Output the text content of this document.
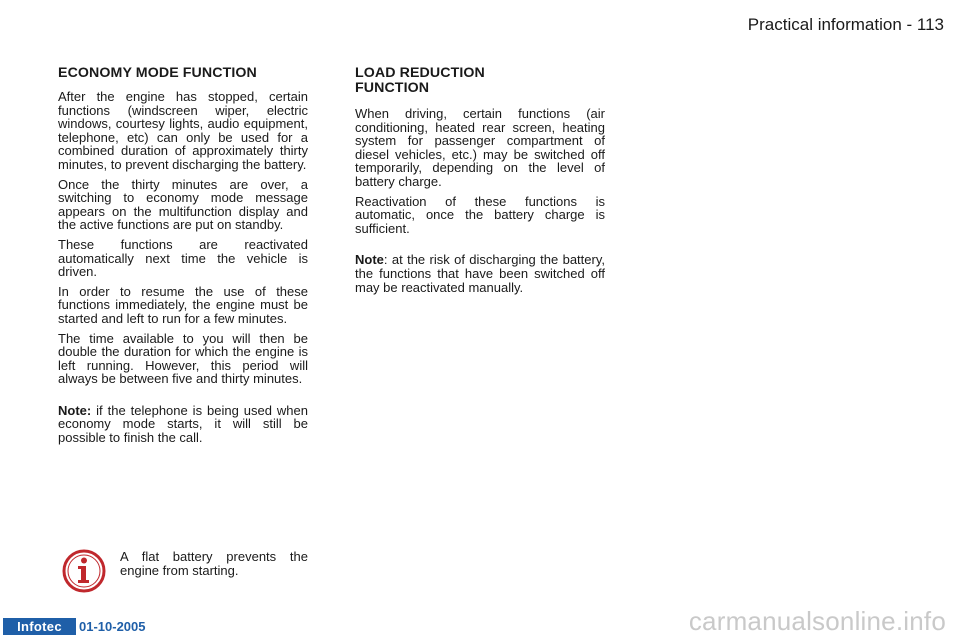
Practical information - 113
ECONOMY MODE FUNCTION

After the engine has stopped, certain functions (windscreen wiper, electric windows, courtesy lights, audio equipment, telephone, etc) can only be used for a combined duration of approximately thirty minutes, to prevent discharging the battery.

Once the thirty minutes are over, a switching to economy mode message appears on the multifunction display and the active functions are put on standby.

These functions are reactivated automatically next time the vehicle is driven.

In order to resume the use of these functions immediately, the engine must be started and left to run for a few minutes.

The time available to you will then be double the duration for which the engine is left running. However, this period will always be between five and thirty minutes.

Note: if the telephone is being used when economy mode starts, it will still be possible to finish the call.

LOAD REDUCTION
FUNCTION

When driving, certain functions (air conditioning, heated rear screen, heating system for passenger compartment of diesel vehicles, etc.) may be switched off temporarily, depending on the level of battery charge.

Reactivation of these functions is automatic, once the battery charge is sufficient.

Note: at the risk of discharging the battery, the functions that have been switched off may be reactivated manually.

A flat battery prevents the engine from starting.
Infotec	01-10-2005	carmanualsonline.info
